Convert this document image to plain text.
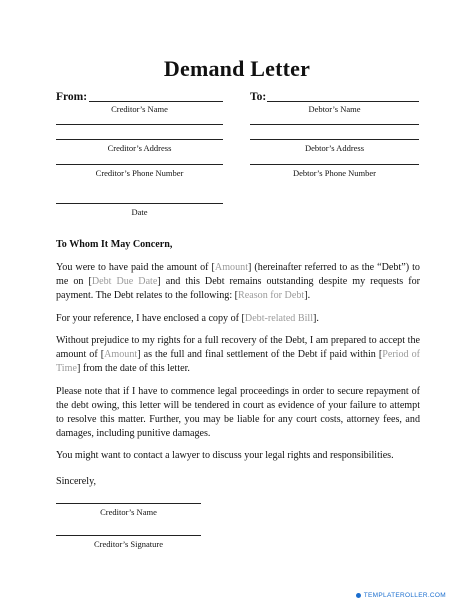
Demand Letter
From:
Creditor’s Name
Creditor’s Address
Creditor’s Phone Number
Date
To:
Debtor’s Name
Debtor’s Address
Debtor’s Phone Number

To Whom It May Concern,

You were to have paid the amount of [Amount] (hereinafter referred to as the “Debt”) to me on [Debt Due Date] and this Debt remains outstanding despite my requests for payment. The Debt relates to the following: [Reason for Debt].

For your reference, I have enclosed a copy of [Debt-related Bill].

Without prejudice to my rights for a full recovery of the Debt, I am prepared to accept the amount of [Amount] as the full and final settlement of the Debt if paid within [Period of Time] from the date of this letter.

Please note that if I have to commence legal proceedings in order to secure repayment of the debt owing, this letter will be tendered in court as evidence of your failure to attempt to resolve this matter. Further, you may be liable for any court costs, attorney fees, and damages, including punitive damages.

You might want to contact a lawyer to discuss your legal rights and responsibilities.

Sincerely,

Creditor’s Name
Creditor’s Signature
TEMPLATEROLLER.COM
